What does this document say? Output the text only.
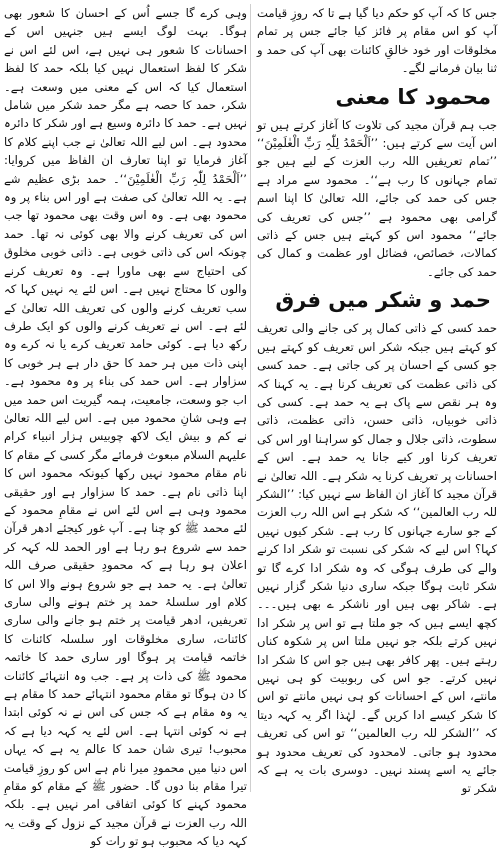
جس کا کہ آپ کو حکم دیا گیا ہے تا کہ روزِ قیامت آپ کو اس مقام پر فائز کیا جائے جس پر تمام مخلوقات اور خود خالقِ کائنات بھی آپ کی حمد و ثنا بیان فرمانے لگے۔

محمود کا معنی

جب ہم قرآن مجید کی تلاوت کا آغاز کرتے ہیں تو اس آیت سے کرتے ہیں: ’’اَلْحَمْدُ لِلّٰہِ رَبِّ الْعٰلَمِیْنَ‘‘ ’’تمام تعریفیں اللہ رب العزت کے لیے ہیں جو تمام جہانوں کا رب ہے‘‘۔ محمود سے مراد ہے جس کی حمد کی جائے، اللہ تعالیٰ کا اپنا اسم گرامی بھی محمود ہے ’’جس کی تعریف کی جائے‘‘ محمود اس کو کہتے ہیں جس کے ذاتی کمالات، خصائص، فضائل اور عظمت و کمال کی حمد کی جائے۔

حمد و شکر میں فرق

حمد کسی کے ذاتی کمال پر کی جانے والی تعریف کو کہتے ہیں جبکہ شکر اس تعریف کو کہتے ہیں جو کسی کے احسان پر کی جاتی ہے۔ حمد کسی کی ذاتی عظمت کی تعریف کرنا ہے۔ یہ کہنا کہ وہ ہر نقص سے پاک ہے یہ حمد ہے۔ کسی کی ذاتی خوبیاں، ذاتی حسن، ذاتی عظمت، ذاتی سطوت، ذاتی جلال و جمال کو سراہنا اور اس کی تعریف کرنا اور کیے جانا یہ حمد ہے۔ اس کے احسانات پر تعریف کرنا یہ شکر ہے۔ اللہ تعالیٰ نے قرآن مجید کا آغاز ان الفاظ سے نہیں کیا: ’’الشکر للہ رب العالمین‘‘ کہ شکر ہے اس اللہ رب العزت کے جو سارے جہانوں کا رب ہے۔ شکر کیوں نہیں کہا؟ اس لیے کہ شکر کی نسبت تو شکر ادا کرنے والے کی طرف ہوگی کہ وہ شکر ادا کرے گا تو شکر ثابت ہوگا جبکہ ساری دنیا شکر گزار نہیں ہے۔ شاکر بھی ہیں اور ناشکر ے بھی ہیں۔۔۔ کچھ ایسے ہیں کہ جو ملتا ہے تو اس پر شکر ادا نہیں کرتے بلکہ جو نہیں ملتا اس پر شکوہ کناں رہتے ہیں۔ پھر کافر بھی ہیں جو اس کا شکر ادا نہیں کرتے۔ جو اس کی ربوبیت کو ہی نہیں مانتے، اس کے احسانات کو ہی نہیں مانتے تو اس کا شکر کیسے ادا کریں گے۔ لہٰذا اگر یہ کہہ دیتا کہ ’’الشکر للہ رب العالمین‘‘ تو اس کی تعریف محدود ہو جاتی۔ لامحدود کی تعریف محدود ہو جائے یہ اسے پسند نہیں۔ دوسری بات یہ ہے کہ شکر تو

وہی کرے گا جسے اُس کے احسان کا شعور بھی ہوگا۔ بہت لوگ ایسے ہیں جنہیں اس کے احسانات کا شعور ہی نہیں ہے، اس لئے اس نے شکر کا لفظ استعمال نہیں کیا بلکہ حمد کا لفظ استعمال کیا کہ اس کے معنی میں وسعت ہے۔ شکر، حمد کا حصہ ہے مگر حمد شکر میں شامل نہیں ہے۔ حمد کا دائرہ وسیع ہے اور شکر کا دائرہ محدود ہے۔ اس لیے اللہ تعالیٰ نے جب اپنے کلام کا آغاز فرمایا تو اپنا تعارف ان الفاظ میں کروایا: ’’اَلْحَمْدُ لِلّٰہِ رَبِّ الْعٰلَمِیْنَ‘‘۔ حمد بڑی عظیم شے ہے۔ یہ اللہ تعالیٰ کی صفت ہے اور اس بناء پر وہ محمود بھی ہے۔ وہ اس وقت بھی محمود تھا جب اس کی تعریف کرنے والا بھی کوئی نہ تھا۔ حمد چونکہ اس کی ذاتی خوبی ہے۔ ذاتی خوبی مخلوق کی احتیاج سے بھی ماورا ہے۔ وہ تعریف کرنے والوں کا محتاج نہیں ہے۔ اس لئے یہ نہیں کہا کہ سب تعریف کرنے والوں کی تعریف اللہ تعالیٰ کے لئے ہے۔ اس نے تعریف کرنے والوں کو ایک طرف رکھ دیا ہے۔ کوئی حامد تعریف کرے یا نہ کرے وہ اپنی ذات میں ہر حمد کا حق دار ہے ہر خوبی کا سزاوار ہے۔ اس حمد کی بناء پر وہ محمود ہے۔ اب جو وسعت، جامعیت، ہمہ گیریت اس حمد میں ہے وہی شانِ محمود میں ہے۔ اس لیے اللہ تعالیٰ نے کم و بیش ایک لاکھ چوبیس ہزار انبیاء کرام علیہم السلام مبعوث فرمائے مگر کسی کے مقام کا نام مقام محمود نہیں رکھا کیونکہ محمود اس کا اپنا ذاتی نام ہے۔ حمد کا سزاوار ہے اور حقیقی محمود وہی ہے اس لئے اس نے مقامِ محمود کے لئے محمد ﷺ کو چنا ہے۔ آپ غور کیجئے ادھر قرآن حمد سے شروع ہو رہا ہے اور الحمد للہ کہہ کر اعلان ہو رہا ہے کہ محمودِ حقیقی صرف اللہ تعالیٰ ہے۔ یہ حمد ہے جو شروع ہونے والا اس کا کلام اور سلسلۂ حمد پر ختم ہونے والی ساری تعریفیں، ادھر قیامت پر ختم ہو جانے والی ساری کائنات، ساری مخلوقات اور سلسلہ کائنات کا خاتمہ قیامت پر ہوگا اور ساری حمد کا خاتمہ محمود ﷺ کی ذات پر ہے۔ جب وہ انتہائے کائنات کا دن ہوگا تو مقام محمود انتہائے حمد کا مقام ہے یہ وہ مقام ہے کہ جس کی اس نے نہ کوئی ابتدا ہے نہ کوئی انتہا ہے۔ اس لئے یہ کہہ دیا ہے کہ محبوب! تیری شان حمد کا عالم یہ ہے کہ یہاں اس دنیا میں محمودِ میرا نام ہے اس کو روزِ قیامت تیرا مقام بنا دوں گا۔ حضور ﷺ کے مقام کو مقامِ محمود کہنے کا کوئی اتفاقی امر نہیں ہے۔ بلکہ اللہ رب العزت نے قرآن مجید کے نزول کے وقت یہ کہہ دیا کہ محبوب ہو تو رات کو
